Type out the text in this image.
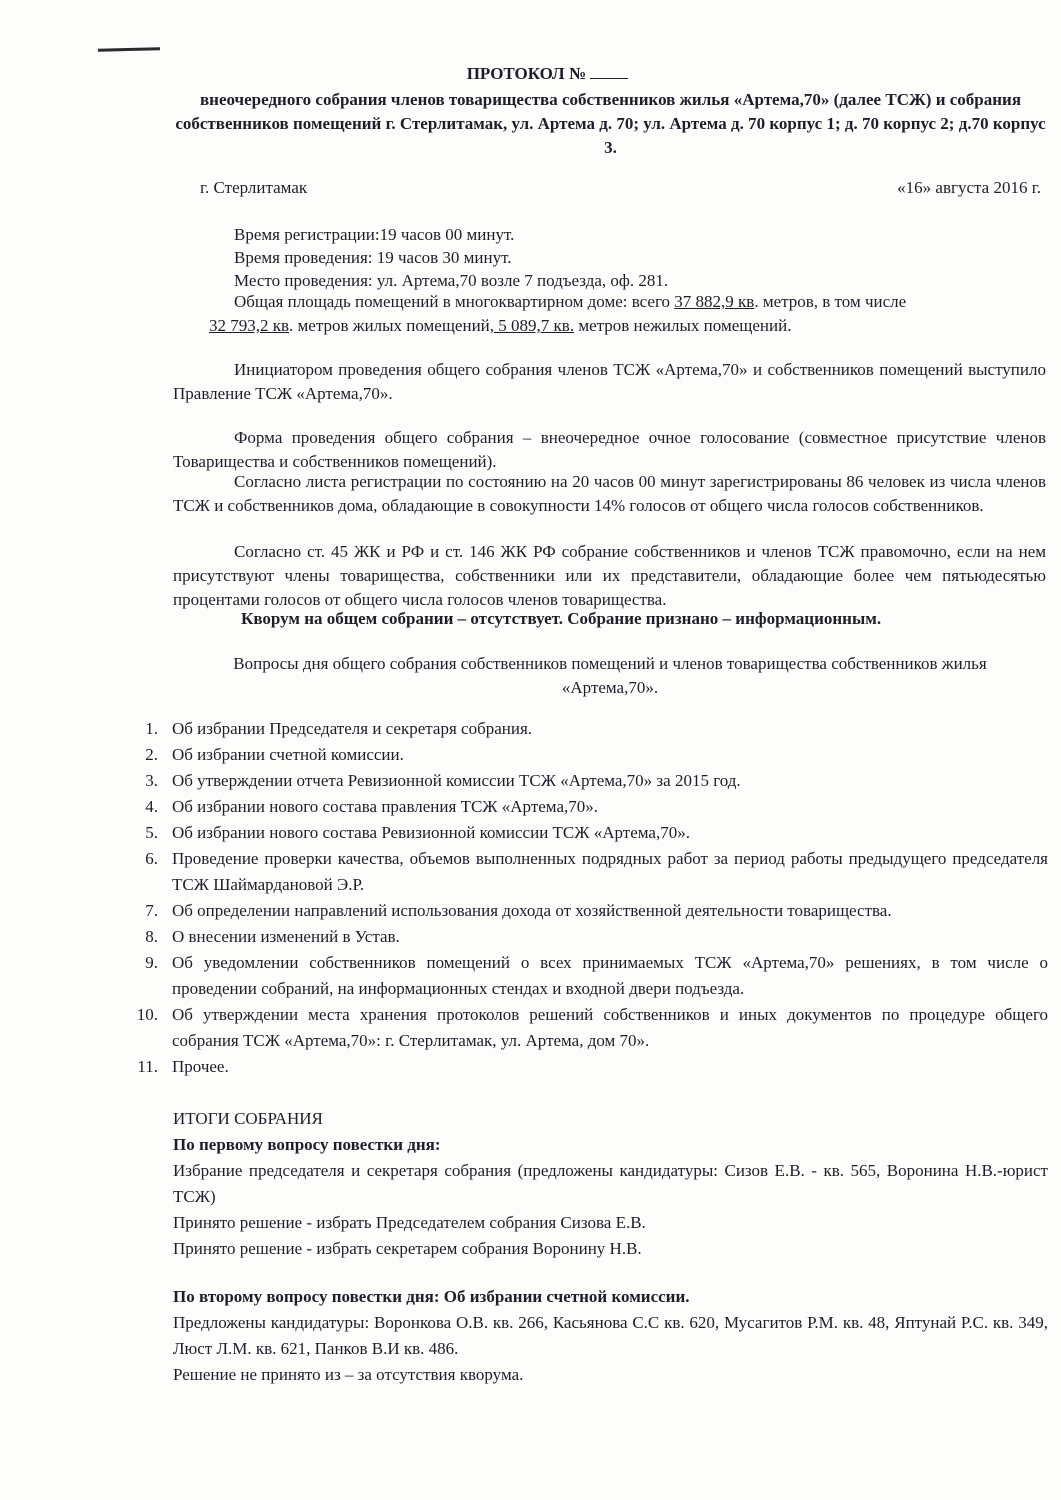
ПРОТОКОЛ №
внеочередного собрания членов товарищества собственников жилья «Артема,70» (далее ТСЖ) и собрания собственников помещений г. Стерлитамак, ул. Артема д. 70; ул. Артема д. 70 корпус 1; д. 70 корпус 2; д.70 корпус 3.
г. Стерлитамак	«16» августа 2016 г.
Время регистрации:19 часов 00 минут.
Время проведения: 19 часов 30 минут.
Место проведения: ул. Артема,70 возле 7 подъезда, оф. 281.
Общая площадь помещений в многоквартирном доме: всего 37 882,9 кв. метров, в том числе
32 793,2 кв. метров жилых помещений, 5 089,7 кв. метров нежилых помещений.
Инициатором проведения общего собрания членов ТСЖ «Артема,70» и собственников помещений выступило Правление ТСЖ «Артема,70».
Форма проведения общего собрания – внеочередное очное голосование (совместное присутствие членов Товарищества и собственников помещений).
Согласно листа регистрации по состоянию на 20 часов 00 минут зарегистрированы 86 человек из числа членов ТСЖ и собственников дома, обладающие в совокупности 14% голосов от общего числа голосов собственников.
Согласно ст. 45 ЖК и РФ и ст. 146 ЖК РФ собрание собственников и членов ТСЖ правомочно, если на нем присутствуют члены товарищества, собственники или их представители, обладающие более чем пятьюдесятью процентами голосов от общего числа голосов членов товарищества.
Кворум на общем собрании – отсутствует. Собрание признано – информационным.
Вопросы дня общего собрания собственников помещений и членов товарищества собственников жилья «Артема,70».
1. Об избрании Председателя и секретаря собрания.
2. Об избрании счетной комиссии.
3. Об утверждении отчета Ревизионной комиссии ТСЖ «Артема,70» за 2015 год.
4. Об избрании нового состава правления ТСЖ «Артема,70».
5. Об избрании нового состава Ревизионной комиссии ТСЖ «Артема,70».
6. Проведение проверки качества, объемов выполненных подрядных работ за период работы предыдущего председателя ТСЖ Шаймардановой Э.Р.
7. Об определении направлений использования дохода от хозяйственной деятельности товарищества.
8. О внесении изменений в Устав.
9. Об уведомлении собственников помещений о всех принимаемых ТСЖ «Артема,70» решениях, в том числе о проведении собраний, на информационных стендах и входной двери подъезда.
10. Об утверждении места хранения протоколов решений собственников и иных документов по процедуре общего собрания ТСЖ «Артема,70»: г. Стерлитамак, ул. Артема, дом 70».
11. Прочее.

ИТОГИ СОБРАНИЯ

По первому вопросу повестки дня:

Избрание председателя и секретаря собрания (предложены кандидатуры: Сизов Е.В. - кв. 565, Воронина Н.В.-юрист ТСЖ)

Принято решение - избрать Председателем собрания Сизова Е.В.

Принято решение - избрать секретарем собрания Воронину Н.В.

По второму вопросу повестки дня: Об избрании счетной комиссии.

Предложены кандидатуры: Воронкова О.В. кв. 266, Касьянова С.С кв. 620, Мусагитов Р.М. кв. 48, Яптунай Р.С. кв. 349, Люст Л.М. кв. 621, Панков В.И кв. 486.

Решение не принято из – за отсутствия кворума.
